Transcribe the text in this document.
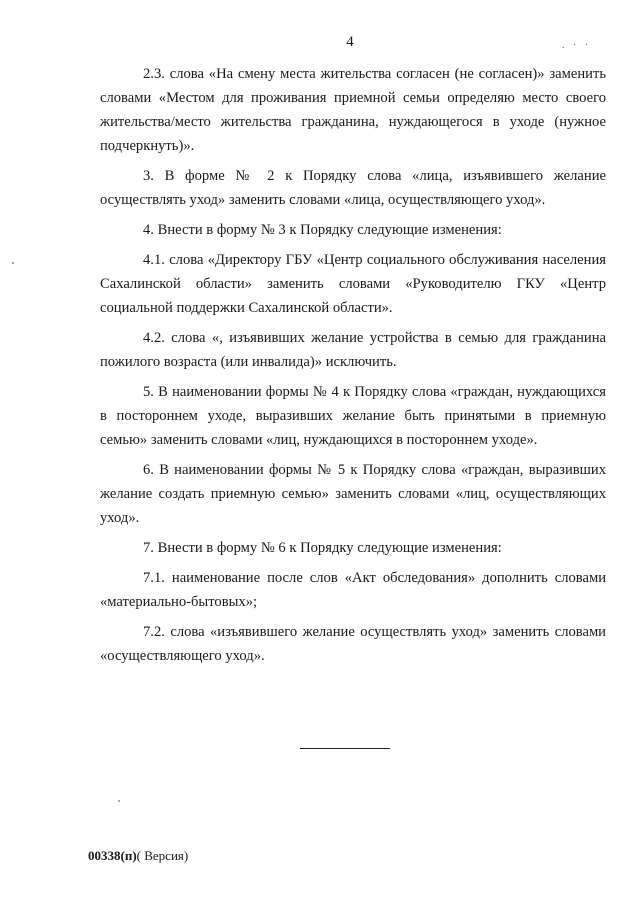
4	. · ·

2.3. слова «На смену места жительства согласен (не согласен)» заменить словами «Местом для проживания приемной семьи определяю место своего жительства/место жительства гражданина, нуждающегося в уходе (нужное подчеркнуть)».

3. В форме № 2 к Порядку слова «лица, изъявившего желание осуществлять уход» заменить словами «лица, осуществляющего уход».

4. Внести в форму № 3 к Порядку следующие изменения:

4.1. слова «Директору ГБУ «Центр социального обслуживания населения Сахалинской области» заменить словами «Руководителю ГКУ «Центр социальной поддержки Сахалинской области».

4.2. слова «, изъявивших желание устройства в семью для гражданина пожилого возраста (или инвалида)» исключить.

5. В наименовании формы № 4 к Порядку слова «граждан, нуждающихся в постороннем уходе, выразивших желание быть принятыми в приемную семью» заменить словами «лиц, нуждающихся в постороннем уходе».

6. В наименовании формы № 5 к Порядку слова «граждан, выразивших желание создать приемную семью» заменить словами «лиц, осуществляющих уход».

7. Внести в форму № 6 к Порядку следующие изменения:

7.1. наименование после слов «Акт обследования» дополнить словами «материально-бытовых»;

7.2. слова «изъявившего желание осуществлять уход» заменить словами «осуществляющего уход».

00338(п)( Версия)
